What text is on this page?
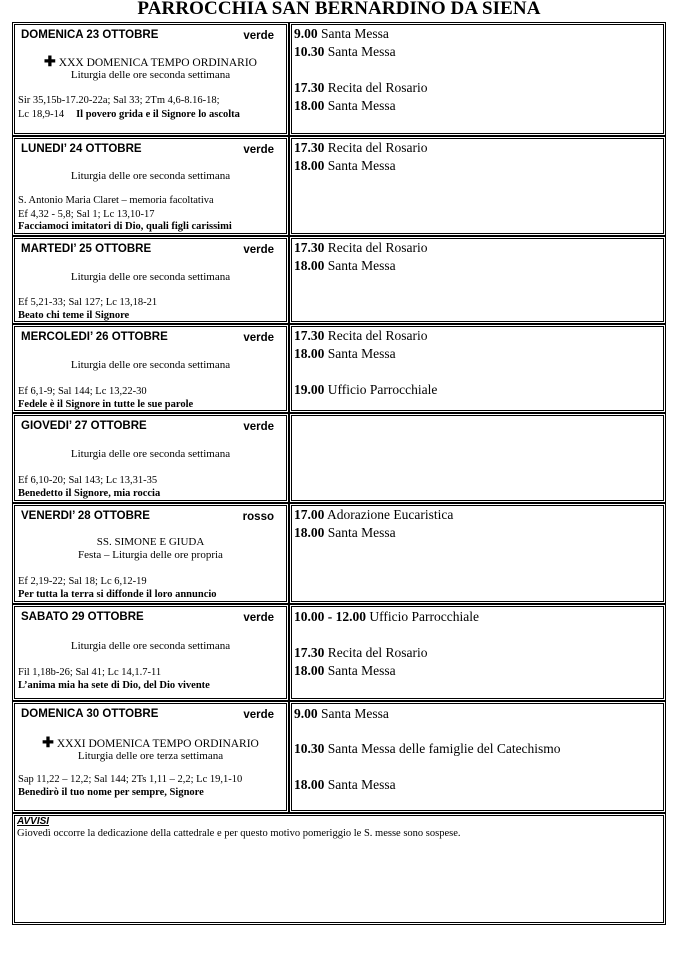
PARROCCHIA SAN BERNARDINO DA SIENA
DOMENICA 23 OTTOBRE	verde
✚ XXX DOMENICA TEMPO ORDINARIO
Liturgia delle ore seconda settimana
Sir 35,15b-17.20-22a; Sal 33; 2Tm 4,6-8.16-18;
Lc 18,9-14 Il povero grida e il Signore lo ascolta
9.00 Santa Messa
10.30 Santa Messa
17.30 Recita del Rosario
18.00 Santa Messa
LUNEDI’ 24 OTTOBRE	verde
Liturgia delle ore seconda settimana
S. Antonio Maria Claret – memoria facoltativa
Ef 4,32 - 5,8; Sal 1; Lc 13,10-17
Facciamoci imitatori di Dio, quali figli carissimi
17.30 Recita del Rosario
18.00 Santa Messa
MARTEDI’ 25 OTTOBRE	verde
Liturgia delle ore seconda settimana
Ef 5,21-33; Sal 127; Lc 13,18-21
Beato chi teme il Signore
17.30 Recita del Rosario
18.00 Santa Messa
MERCOLEDI’ 26 OTTOBRE	verde
Liturgia delle ore seconda settimana
Ef 6,1-9; Sal 144; Lc 13,22-30
Fedele è il Signore in tutte le sue parole
17.30 Recita del Rosario
18.00 Santa Messa
19.00 Ufficio Parrocchiale
GIOVEDI’ 27 OTTOBRE	verde
Liturgia delle ore seconda settimana
Ef 6,10-20; Sal 143; Lc 13,31-35
Benedetto il Signore, mia roccia
VENERDI’ 28 OTTOBRE	rosso
SS. SIMONE E GIUDA
Festa – Liturgia delle ore propria
Ef 2,19-22; Sal 18; Lc 6,12-19
Per tutta la terra si diffonde il loro annuncio
17.00 Adorazione Eucaristica
18.00 Santa Messa
SABATO 29 OTTOBRE	verde
Liturgia delle ore seconda settimana
Fil 1,18b-26; Sal 41; Lc 14,1.7-11
L’anima mia ha sete di Dio, del Dio vivente
10.00 - 12.00 Ufficio Parrocchiale
17.30 Recita del Rosario
18.00 Santa Messa
DOMENICA 30 OTTOBRE	verde
✚ XXXI DOMENICA TEMPO ORDINARIO
Liturgia delle ore terza settimana
Sap 11,22 – 12,2; Sal 144; 2Ts 1,11 – 2,2; Lc 19,1-10
Benedirò il tuo nome per sempre, Signore
9.00 Santa Messa
10.30 Santa Messa delle famiglie del Catechismo
18.00 Santa Messa
AVVISI
Giovedì occorre la dedicazione della cattedrale e per questo motivo pomeriggio le S. messe sono sospese.
